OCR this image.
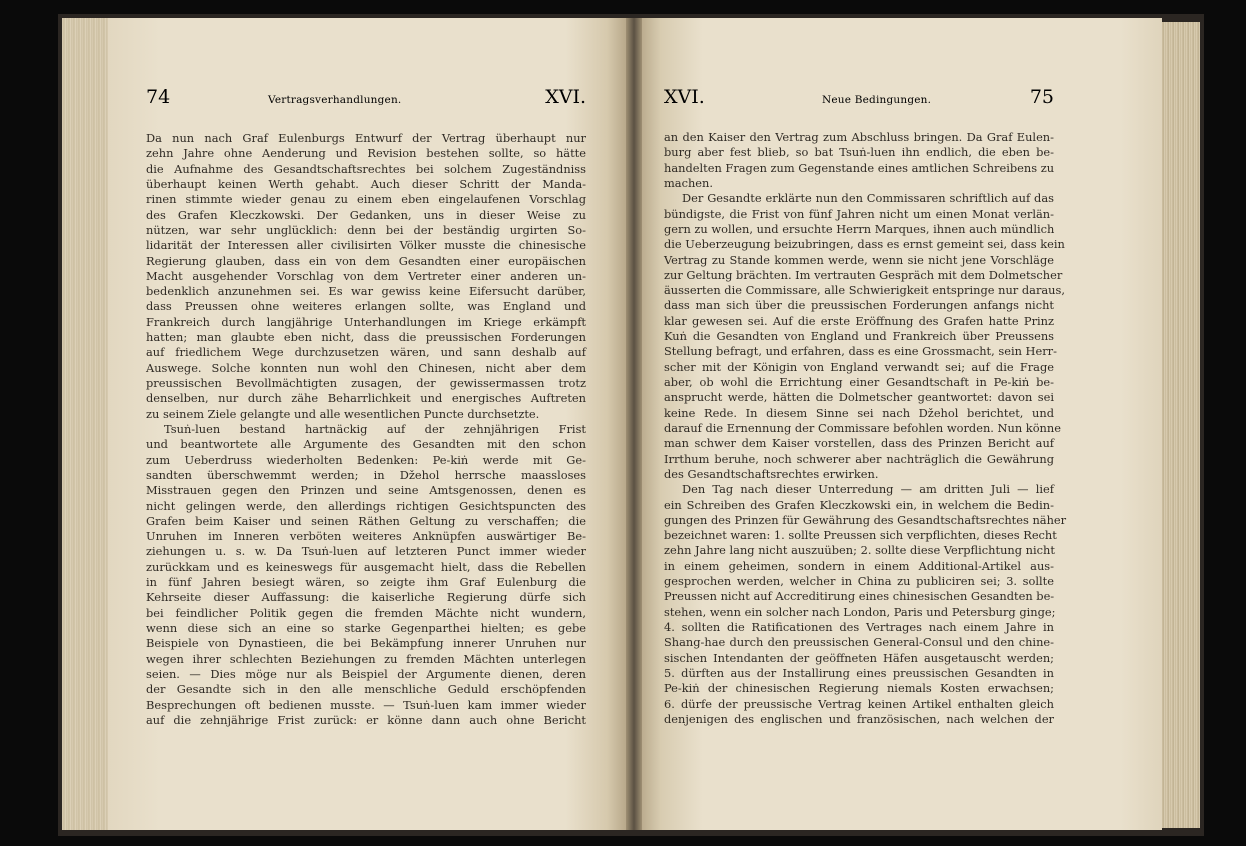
74	Vertragsverhandlungen.	XVI.	XVI.	Neue Bedingungen.	75
Da nun nach Graf Eulenburgs Entwurf der Vertrag überhaupt nur
zehn Jahre ohne Aenderung und Revision bestehen sollte, so hätte
die Aufnahme des Gesandtschaftsrechtes bei solchem Zugeständniss
überhaupt keinen Werth gehabt. Auch dieser Schritt der Manda-
rinen stimmte wieder genau zu einem eben eingelaufenen Vorschlag
des Grafen Kleczkowski. Der Gedanken, uns in dieser Weise zu
nützen, war sehr unglücklich: denn bei der beständig urgirten So-
lidarität der Interessen aller civilisirten Völker musste die chinesische
Regierung glauben, dass ein von dem Gesandten einer europäischen
Macht ausgehender Vorschlag von dem Vertreter einer anderen un-
bedenklich anzunehmen sei. Es war gewiss keine Eifersucht darüber,
dass Preussen ohne weiteres erlangen sollte, was England und
Frankreich durch langjährige Unterhandlungen im Kriege erkämpft
hatten; man glaubte eben nicht, dass die preussischen Forderungen
auf friedlichem Wege durchzusetzen wären, und sann deshalb auf
Auswege. Solche konnten nun wohl den Chinesen, nicht aber dem
preussischen Bevollmächtigten zusagen, der gewissermassen trotz
denselben, nur durch zähe Beharrlichkeit und energisches Auftreten
zu seinem Ziele gelangte und alle wesentlichen Puncte durchsetzte.
Tsuṅ-luen bestand hartnäckig auf der zehnjährigen Frist
und beantwortete alle Argumente des Gesandten mit den schon
zum Ueberdruss wiederholten Bedenken: Pe-kiṅ werde mit Ge-
sandten überschwemmt werden; in Džehol herrsche maassloses
Misstrauen gegen den Prinzen und seine Amtsgenossen, denen es
nicht gelingen werde, den allerdings richtigen Gesichtspuncten des
Grafen beim Kaiser und seinen Räthen Geltung zu verschaffen; die
Unruhen im Inneren verböten weiteres Anknüpfen auswärtiger Be-
ziehungen u. s. w. Da Tsuṅ-luen auf letzteren Punct immer wieder
zurückkam und es keineswegs für ausgemacht hielt, dass die Rebellen
in fünf Jahren besiegt wären, so zeigte ihm Graf Eulenburg die
Kehrseite dieser Auffassung: die kaiserliche Regierung dürfe sich
bei feindlicher Politik gegen die fremden Mächte nicht wundern,
wenn diese sich an eine so starke Gegenparthei hielten; es gebe
Beispiele von Dynastieen, die bei Bekämpfung innerer Unruhen nur
wegen ihrer schlechten Beziehungen zu fremden Mächten unterlegen
seien. — Dies möge nur als Beispiel der Argumente dienen, deren
der Gesandte sich in den alle menschliche Geduld erschöpfenden
Besprechungen oft bedienen musste. — Tsuṅ-luen kam immer wieder
auf die zehnjährige Frist zurück: er könne dann auch ohne Bericht
an den Kaiser den Vertrag zum Abschluss bringen. Da Graf Eulen-
burg aber fest blieb, so bat Tsuṅ-luen ihn endlich, die eben be-
handelten Fragen zum Gegenstande eines amtlichen Schreibens zu
machen.
Der Gesandte erklärte nun den Commissaren schriftlich auf das
bündigste, die Frist von fünf Jahren nicht um einen Monat verlän-
gern zu wollen, und ersuchte Herrn Marques, ihnen auch mündlich
die Ueberzeugung beizubringen, dass es ernst gemeint sei, dass kein
Vertrag zu Stande kommen werde, wenn sie nicht jene Vorschläge
zur Geltung brächten. Im vertrauten Gespräch mit dem Dolmetscher
äusserten die Commissare, alle Schwierigkeit entspringe nur daraus,
dass man sich über die preussischen Forderungen anfangs nicht
klar gewesen sei. Auf die erste Eröffnung des Grafen hatte Prinz
Kuṅ die Gesandten von England und Frankreich über Preussens
Stellung befragt, und erfahren, dass es eine Grossmacht, sein Herr-
scher mit der Königin von England verwandt sei; auf die Frage
aber, ob wohl die Errichtung einer Gesandtschaft in Pe-kiṅ be-
ansprucht werde, hätten die Dolmetscher geantwortet: davon sei
keine Rede. In diesem Sinne sei nach Džehol berichtet, und
darauf die Ernennung der Commissare befohlen worden. Nun könne
man schwer dem Kaiser vorstellen, dass des Prinzen Bericht auf
Irrthum beruhe, noch schwerer aber nachträglich die Gewährung
des Gesandtschaftsrechtes erwirken.
Den Tag nach dieser Unterredung — am dritten Juli — lief
ein Schreiben des Grafen Kleczkowski ein, in welchem die Bedin-
gungen des Prinzen für Gewährung des Gesandtschaftsrechtes näher
bezeichnet waren: 1. sollte Preussen sich verpflichten, dieses Recht
zehn Jahre lang nicht auszuüben; 2. sollte diese Verpflichtung nicht
in einem geheimen, sondern in einem Additional-Artikel aus-
gesprochen werden, welcher in China zu publiciren sei; 3. sollte
Preussen nicht auf Accreditirung eines chinesischen Gesandten be-
stehen, wenn ein solcher nach London, Paris und Petersburg ginge;
4. sollten die Ratificationen des Vertrages nach einem Jahre in
Shang-hae durch den preussischen General-Consul und den chine-
sischen Intendanten der geöffneten Häfen ausgetauscht werden;
5. dürften aus der Installirung eines preussischen Gesandten in
Pe-kiṅ der chinesischen Regierung niemals Kosten erwachsen;
6. dürfe der preussische Vertrag keinen Artikel enthalten gleich
denjenigen des englischen und französischen, nach welchen der
